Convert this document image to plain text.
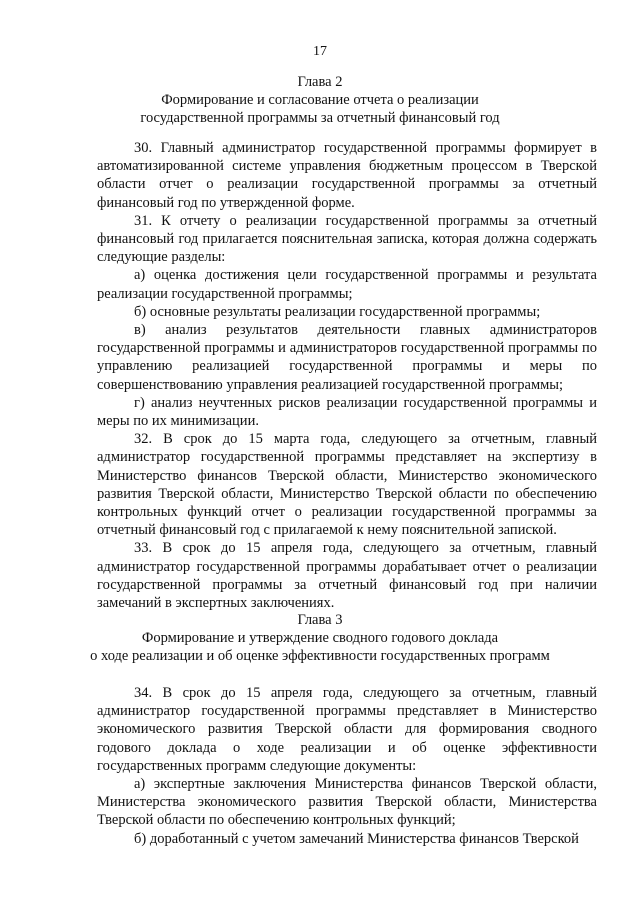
17
Глава 2
Формирование и согласование отчета о реализации
государственной программы за отчетный финансовый год

30. Главный администратор государственной программы формирует в автоматизированной системе управления бюджетным процессом в Тверской области отчет о реализации государственной программы за отчетный финансовый год по утвержденной форме.

31. К отчету о реализации государственной программы за отчетный финансовый год прилагается пояснительная записка, которая должна содержать следующие разделы:

а) оценка достижения цели государственной программы и результата реализации государственной программы;

б) основные результаты реализации государственной программы;

в) анализ результатов деятельности главных администраторов государственной программы и администраторов государственной программы по управлению реализацией государственной программы и меры по совершенствованию управления реализацией государственной программы;

г) анализ неучтенных рисков реализации государственной программы и меры по их минимизации.

32. В срок до 15 марта года, следующего за отчетным, главный администратор государственной программы представляет на экспертизу в Министерство финансов Тверской области, Министерство экономического развития Тверской области, Министерство Тверской области по обеспечению контрольных функций отчет о реализации государственной программы за отчетный финансовый год с прилагаемой к нему пояснительной запиской.

33. В срок до 15 апреля года, следующего за отчетным, главный администратор государственной программы дорабатывает отчет о реализации государственной программы за отчетный финансовый год при наличии замечаний в экспертных заключениях.

Глава 3
Формирование и утверждение сводного годового доклада
о ходе реализации и об оценке эффективности государственных программ

34. В срок до 15 апреля года, следующего за отчетным, главный администратор государственной программы представляет в Министерство экономического развития Тверской области для формирования сводного годового доклада о ходе реализации и об оценке эффективности государственных программ следующие документы:

а) экспертные заключения Министерства финансов Тверской области, Министерства экономического развития Тверской области, Министерства Тверской области по обеспечению контрольных функций;

б) доработанный с учетом замечаний Министерства финансов Тверской
